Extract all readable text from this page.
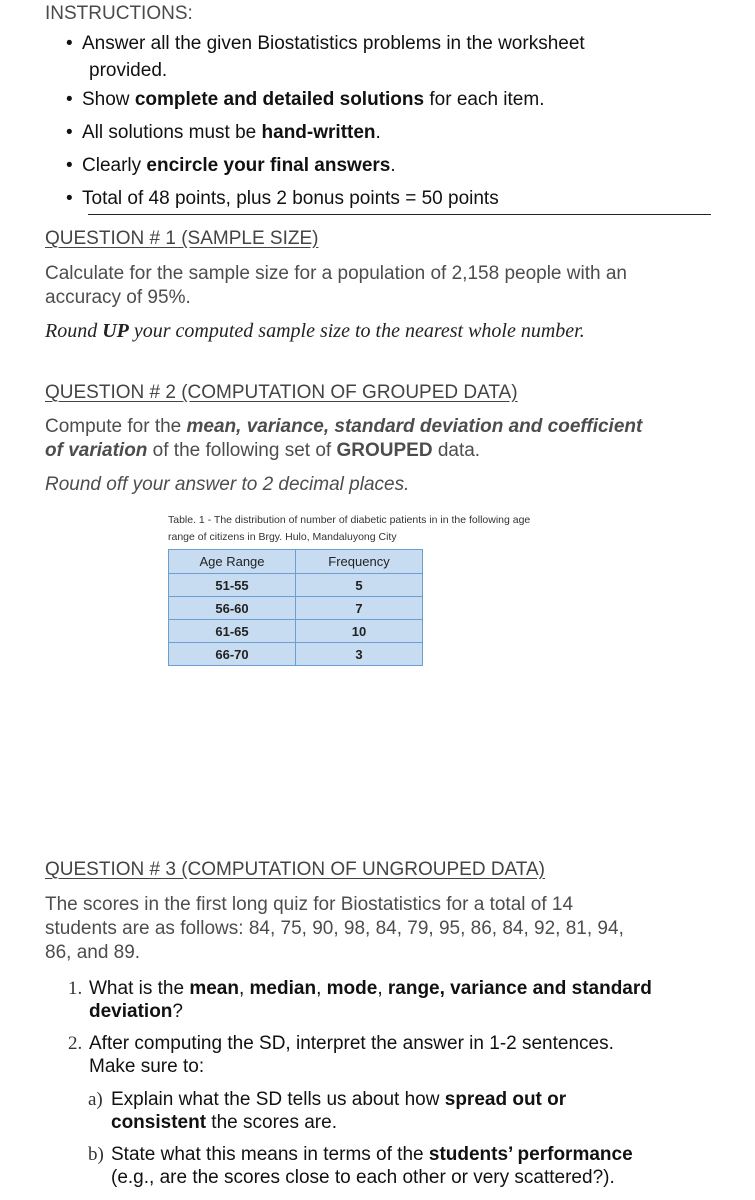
INSTRUCTIONS:
• Answer all the given Biostatistics problems in the worksheet
provided.
• Show complete and detailed solutions for each item.
• All solutions must be hand-written.
• Clearly encircle your final answers.
• Total of 48 points, plus 2 bonus points = 50 points
QUESTION # 1 (SAMPLE SIZE)
Calculate for the sample size for a population of 2,158 people with an
accuracy of 95%.
Round UP your computed sample size to the nearest whole number.
QUESTION # 2 (COMPUTATION OF GROUPED DATA)
Compute for the mean, variance, standard deviation and coefficient
of variation of the following set of GROUPED data.
Round off your answer to 2 decimal places.
Table. 1 - The distribution of number of diabetic patients in in the following age
range of citizens in Brgy. Hulo, Mandaluyong City
Age Range	Frequency
51-55	5
56-60	7
61-65	10
66-70	3
QUESTION # 3 (COMPUTATION OF UNGROUPED DATA)
The scores in the first long quiz for Biostatistics for a total of 14
students are as follows: 84, 75, 90, 98, 84, 79, 95, 86, 84, 92, 81, 94,
86, and 89.
1. What is the mean, median, mode, range, variance and standard
deviation?
2. After computing the SD, interpret the answer in 1-2 sentences.
Make sure to:
a) Explain what the SD tells us about how spread out or
consistent the scores are.
b) State what this means in terms of the students’ performance
(e.g., are the scores close to each other or very scattered?).
